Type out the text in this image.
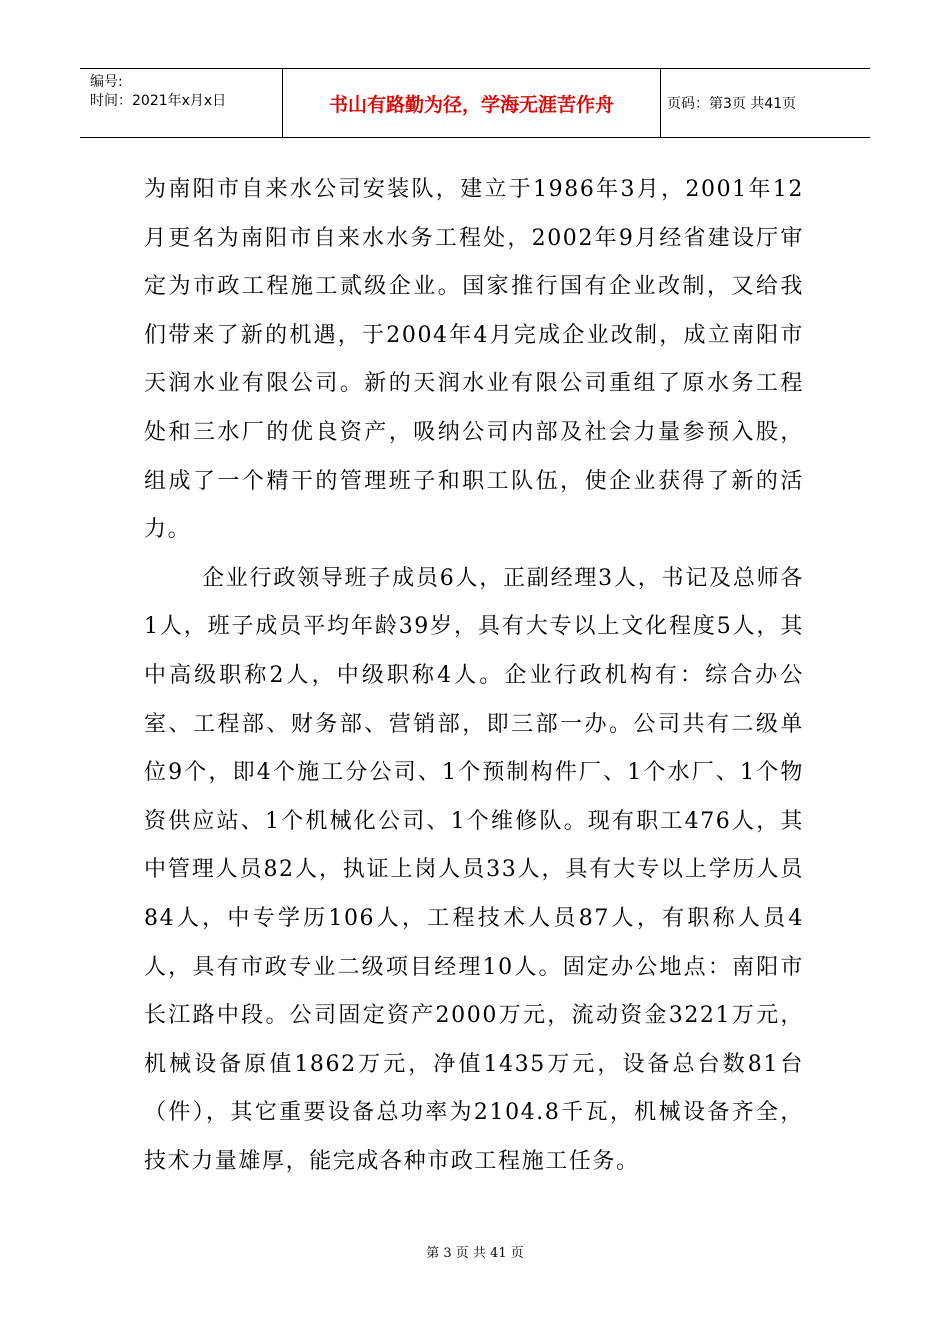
编号:
时间：2021年x月x日	书山有路勤为径，学海无涯苦作舟	页码：第3页 共41页

为南阳市自来水公司安装队，建立于1986年3月，2001年12月更名为南阳市自来水水务工程处，2002年9月经省建设厅审定为市政工程施工贰级企业。国家推行国有企业改制，又给我们带来了新的机遇，于2004年4月完成企业改制，成立南阳市天润水业有限公司。新的天润水业有限公司重组了原水务工程处和三水厂的优良资产，吸纳公司内部及社会力量参预入股，组成了一个精干的管理班子和职工队伍，使企业获得了新的活力。

企业行政领导班子成员6人，正副经理3人，书记及总师各1人，班子成员平均年龄39岁，具有大专以上文化程度5人，其中高级职称2人，中级职称4人。企业行政机构有：综合办公室、工程部、财务部、营销部，即三部一办。公司共有二级单位9个，即4个施工分公司、1个预制构件厂、1个水厂、1个物资供应站、1个机械化公司、1个维修队。现有职工476人，其中管理人员82人，执证上岗人员33人，具有大专以上学历人员84人，中专学历106人，工程技术人员87人，有职称人员4人，具有市政专业二级项目经理10人。固定办公地点：南阳市长江路中段。公司固定资产2000万元，流动资金3221万元，机械设备原值1862万元，净值1435万元，设备总台数81台（件），其它重要设备总功率为2104.8千瓦，机械设备齐全，技术力量雄厚，能完成各种市政工程施工任务。

第 3 页 共 41 页
